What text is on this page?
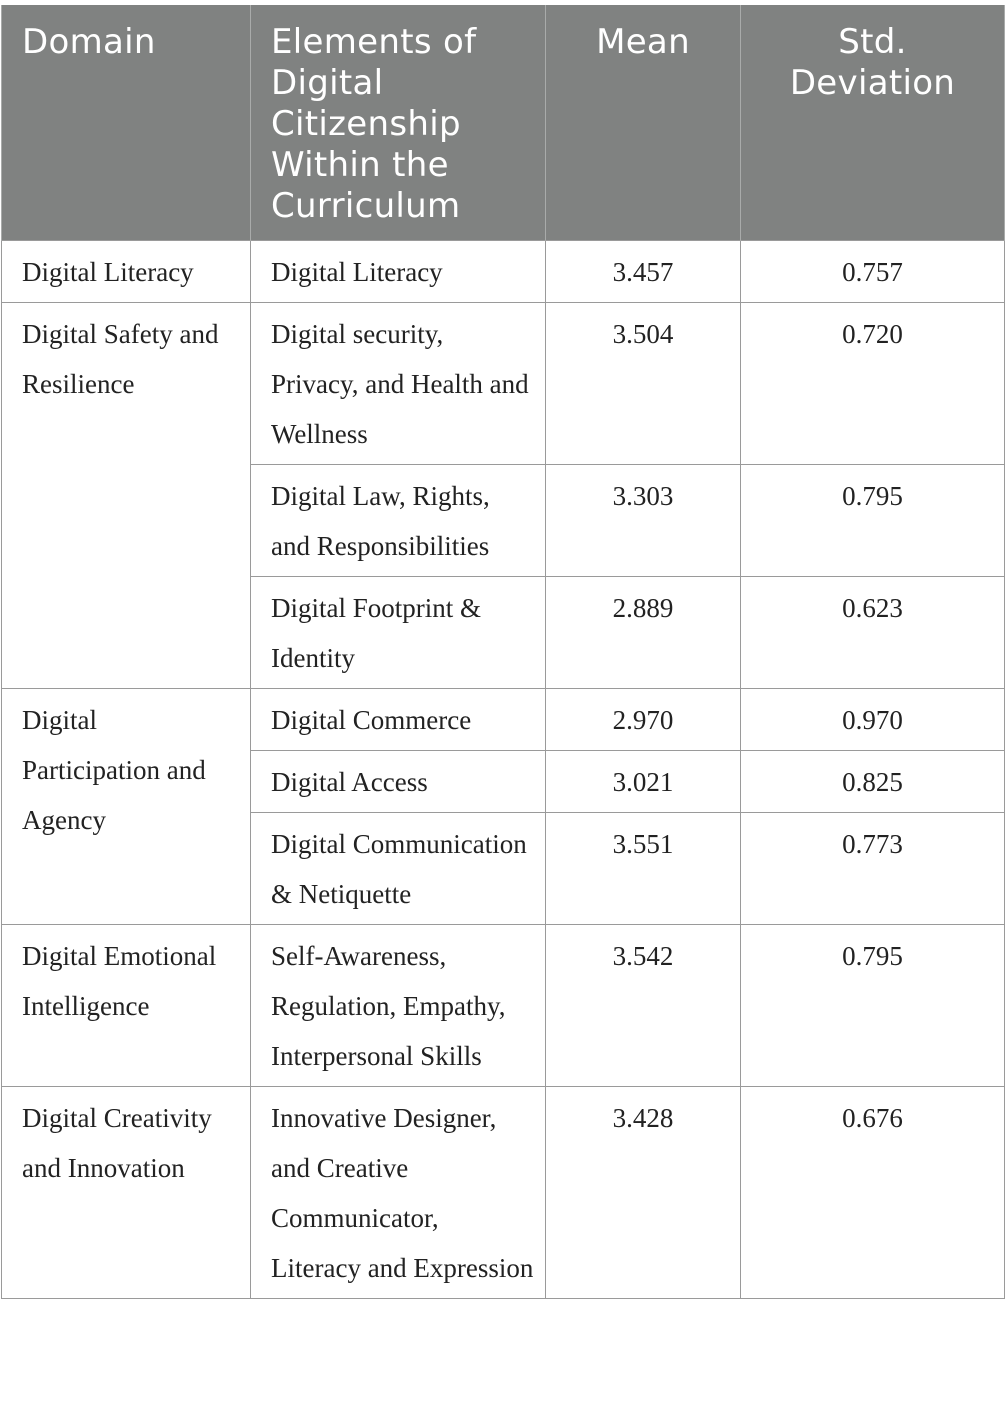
Domain	Elements of Digital Citizenship Within the Curriculum	Mean	Std. Deviation
Digital Literacy	Digital Literacy	3.457	0.757
Digital Safety and Resilience	Digital security, Privacy, and Health and Wellness	3.504	0.720
	Digital Law, Rights, and Responsibilities	3.303	0.795
	Digital Footprint & Identity	2.889	0.623
Digital Participation and Agency	Digital Commerce	2.970	0.970
	Digital Access	3.021	0.825
	Digital Communication & Netiquette	3.551	0.773
Digital Emotional Intelligence	Self-Awareness, Regulation, Empathy, Interpersonal Skills	3.542	0.795
Digital Creativity and Innovation	Innovative Designer, and Creative Communicator, Literacy and Expression	3.428	0.676
